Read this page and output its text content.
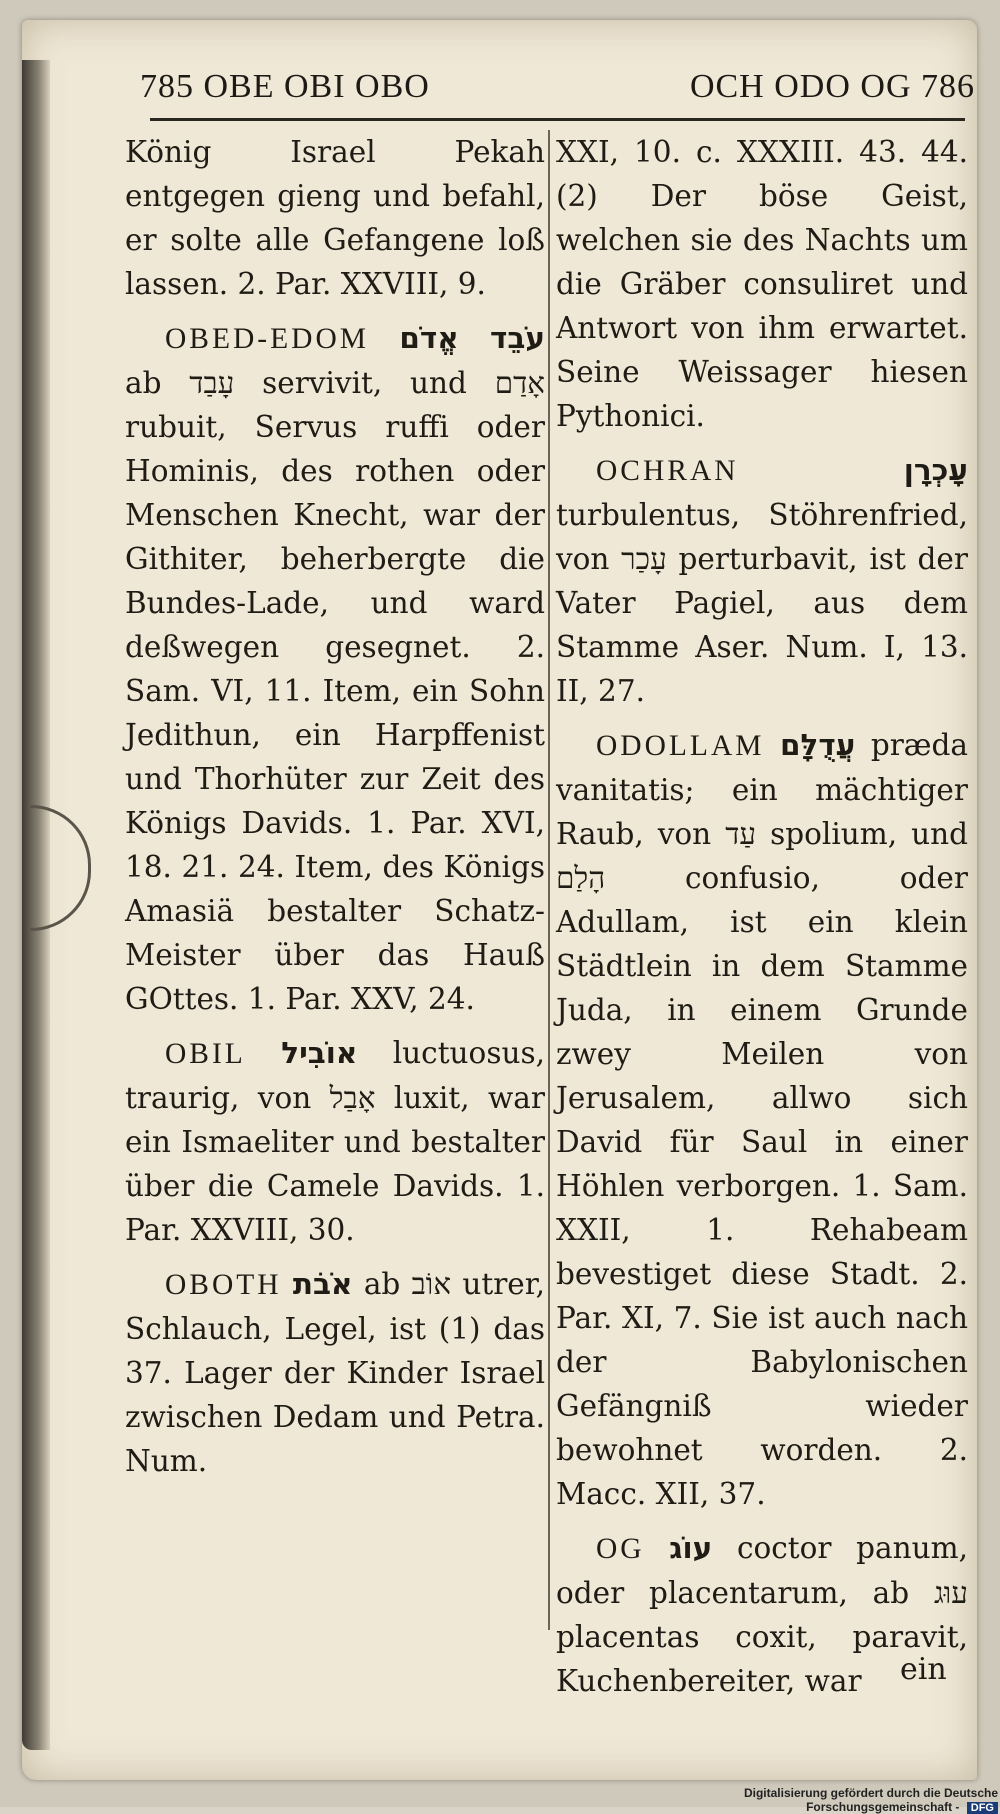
785 OBE OBI OBO	OCH ODO OG 786

König Israel Pekah entgegen gieng und befahl, er solte alle Gefangene loß lassen. 2. Par. XXVIII, 9.

OBED-EDOM עֹבֵד אֱדֹם ab עָבַד servivit, und אָדַם rubuit, Servus ruffi oder Hominis, des rothen oder Menschen Knecht, war der Githiter, beherbergte die Bundes-Lade, und ward deßwegen gesegnet. 2. Sam. VI, 11. Item, ein Sohn Jedithun, ein Harpffenist und Thorhüter zur Zeit des Königs Davids. 1. Par. XVI, 18. 21. 24. Item, des Königs Amasiä bestalter Schatz-Meister über das Hauß GOttes. 1. Par. XXV, 24.

OBIL אוֹבִיל luctuosus, traurig, von אָבַל luxit, war ein Ismaeliter und bestalter über die Camele Davids. 1. Par. XXVIII, 30.

OBOTH אֹבֹת ab אוֹב utrer, Schlauch, Legel, ist (1) das 37. Lager der Kinder Israel zwischen Dedam und Petra. Num.

XXI, 10. c. XXXIII. 43. 44. (2) Der böse Geist, welchen sie des Nachts um die Gräber consuliret und Antwort von ihm erwartet. Seine Weissager hiesen Pythonici.

OCHRAN	עָכְרָן turbulentus, Stöhrenfried, von עָכַר perturbavit, ist der Vater Pagiel, aus dem Stamme Aser. Num. I, 13. II, 27.

ODOLLAM עֲדֻלָּם præda vanitatis; ein mächtiger Raub, von עַד spolium, und הָלַם confusio, oder Adullam, ist ein klein Städtlein in dem Stamme Juda, in einem Grunde zwey Meilen von Jerusalem, allwo sich David für Saul in einer Höhlen verborgen. 1. Sam. XXII, 1. Rehabeam bevestiget diese Stadt. 2. Par. XI, 7. Sie ist auch nach der Babylonischen Gefängniß wieder bewohnet worden. 2. Macc. XII, 37.

OG עוֹג coctor panum, oder placentarum, ab עוּג placentas coxit, paravit, Kuchenbereiter, war	ein
Digitalisierung gefördert durch die Deutsche Forschungsgemeinschaft - DFG
